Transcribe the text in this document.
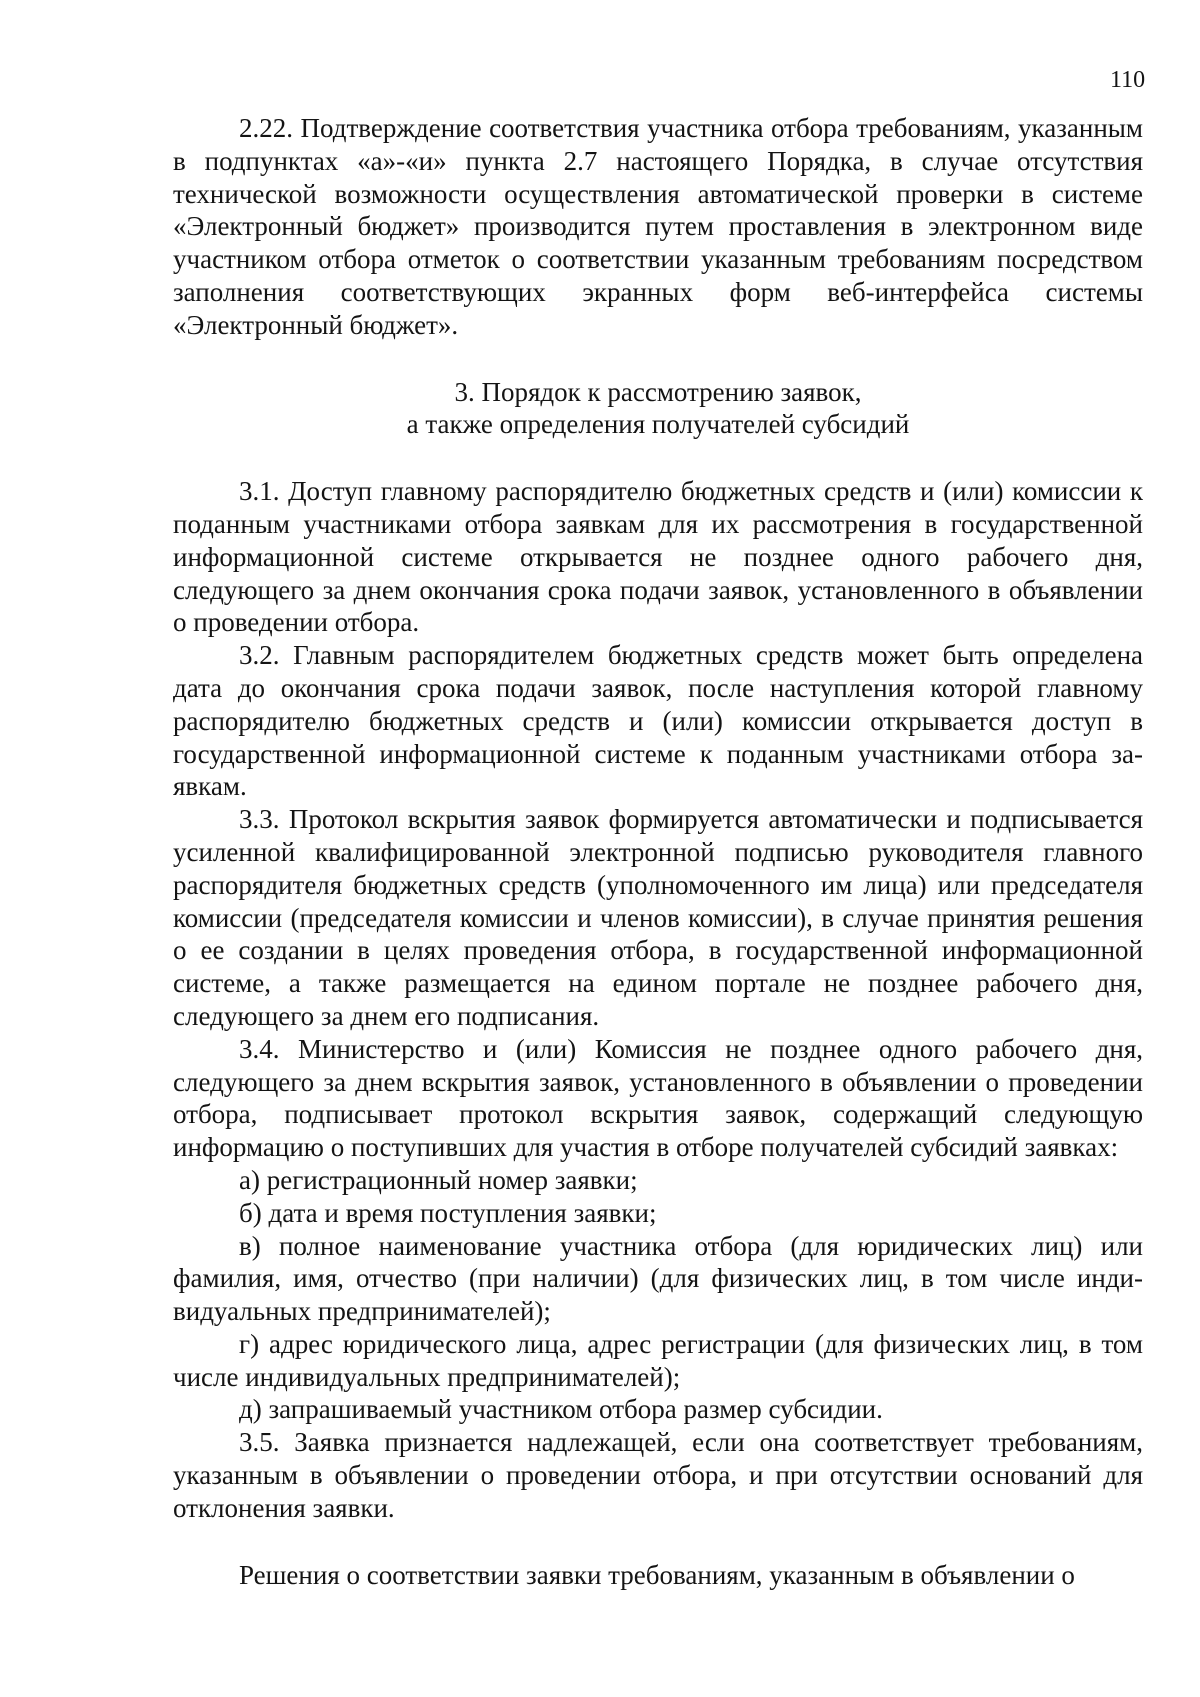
110

2.22. Подтверждение соответствия участника отбора требованиям, указанным в подпунктах «а»-«и» пункта 2.7 настоящего Порядка, в случае отсутствия технической возможности осуществления автоматической проверки в системе «Электронный бюджет» производится путем проставления в электронном виде участником отбора отметок о соответствии указанным требованиям посредством заполнения соответствующих экранных форм веб-интерфейса системы «Электронный бюджет».

3. Порядок к рассмотрению заявок,
а также определения получателей субсидий

3.1. Доступ главному распорядителю бюджетных средств и (или) комиссии к поданным участниками отбора заявкам для их рассмотрения в государственной информационной системе открывается не позднее одного рабочего дня, следующего за днем окончания срока подачи заявок, установленного в объявлении о проведении отбора.

3.2. Главным распорядителем бюджетных средств может быть определена дата до окончания срока подачи заявок, после наступления которой главному распорядителю бюджетных средств и (или) комиссии открывается доступ в государственной информационной системе к поданным участниками отбора заявкам.

3.3. Протокол вскрытия заявок формируется автоматически и подписывается усиленной квалифицированной электронной подписью руководителя главного распорядителя бюджетных средств (уполномоченного им лица) или председателя комиссии (председателя комиссии и членов комиссии), в случае принятия решения о ее создании в целях проведения отбора, в государственной информационной системе, а также размещается на едином портале не позднее рабочего дня, следующего за днем его подписания.

3.4. Министерство и (или) Комиссия не позднее одного рабочего дня, следующего за днем вскрытия заявок, установленного в объявлении о проведении отбора, подписывает протокол вскрытия заявок, содержащий следующую информацию о поступивших для участия в отборе получателей субсидий заявках:

а) регистрационный номер заявки;

б) дата и время поступления заявки;

в) полное наименование участника отбора (для юридических лиц) или фамилия, имя, отчество (при наличии) (для физических лиц, в том числе индивидуальных предпринимателей);

г) адрес юридического лица, адрес регистрации (для физических лиц, в том числе индивидуальных предпринимателей);

д) запрашиваемый участником отбора размер субсидии.

3.5. Заявка признается надлежащей, если она соответствует требованиям, указанным в объявлении о проведении отбора, и при отсутствии оснований для отклонения заявки.

Решения о соответствии заявки требованиям, указанным в объявлении о
